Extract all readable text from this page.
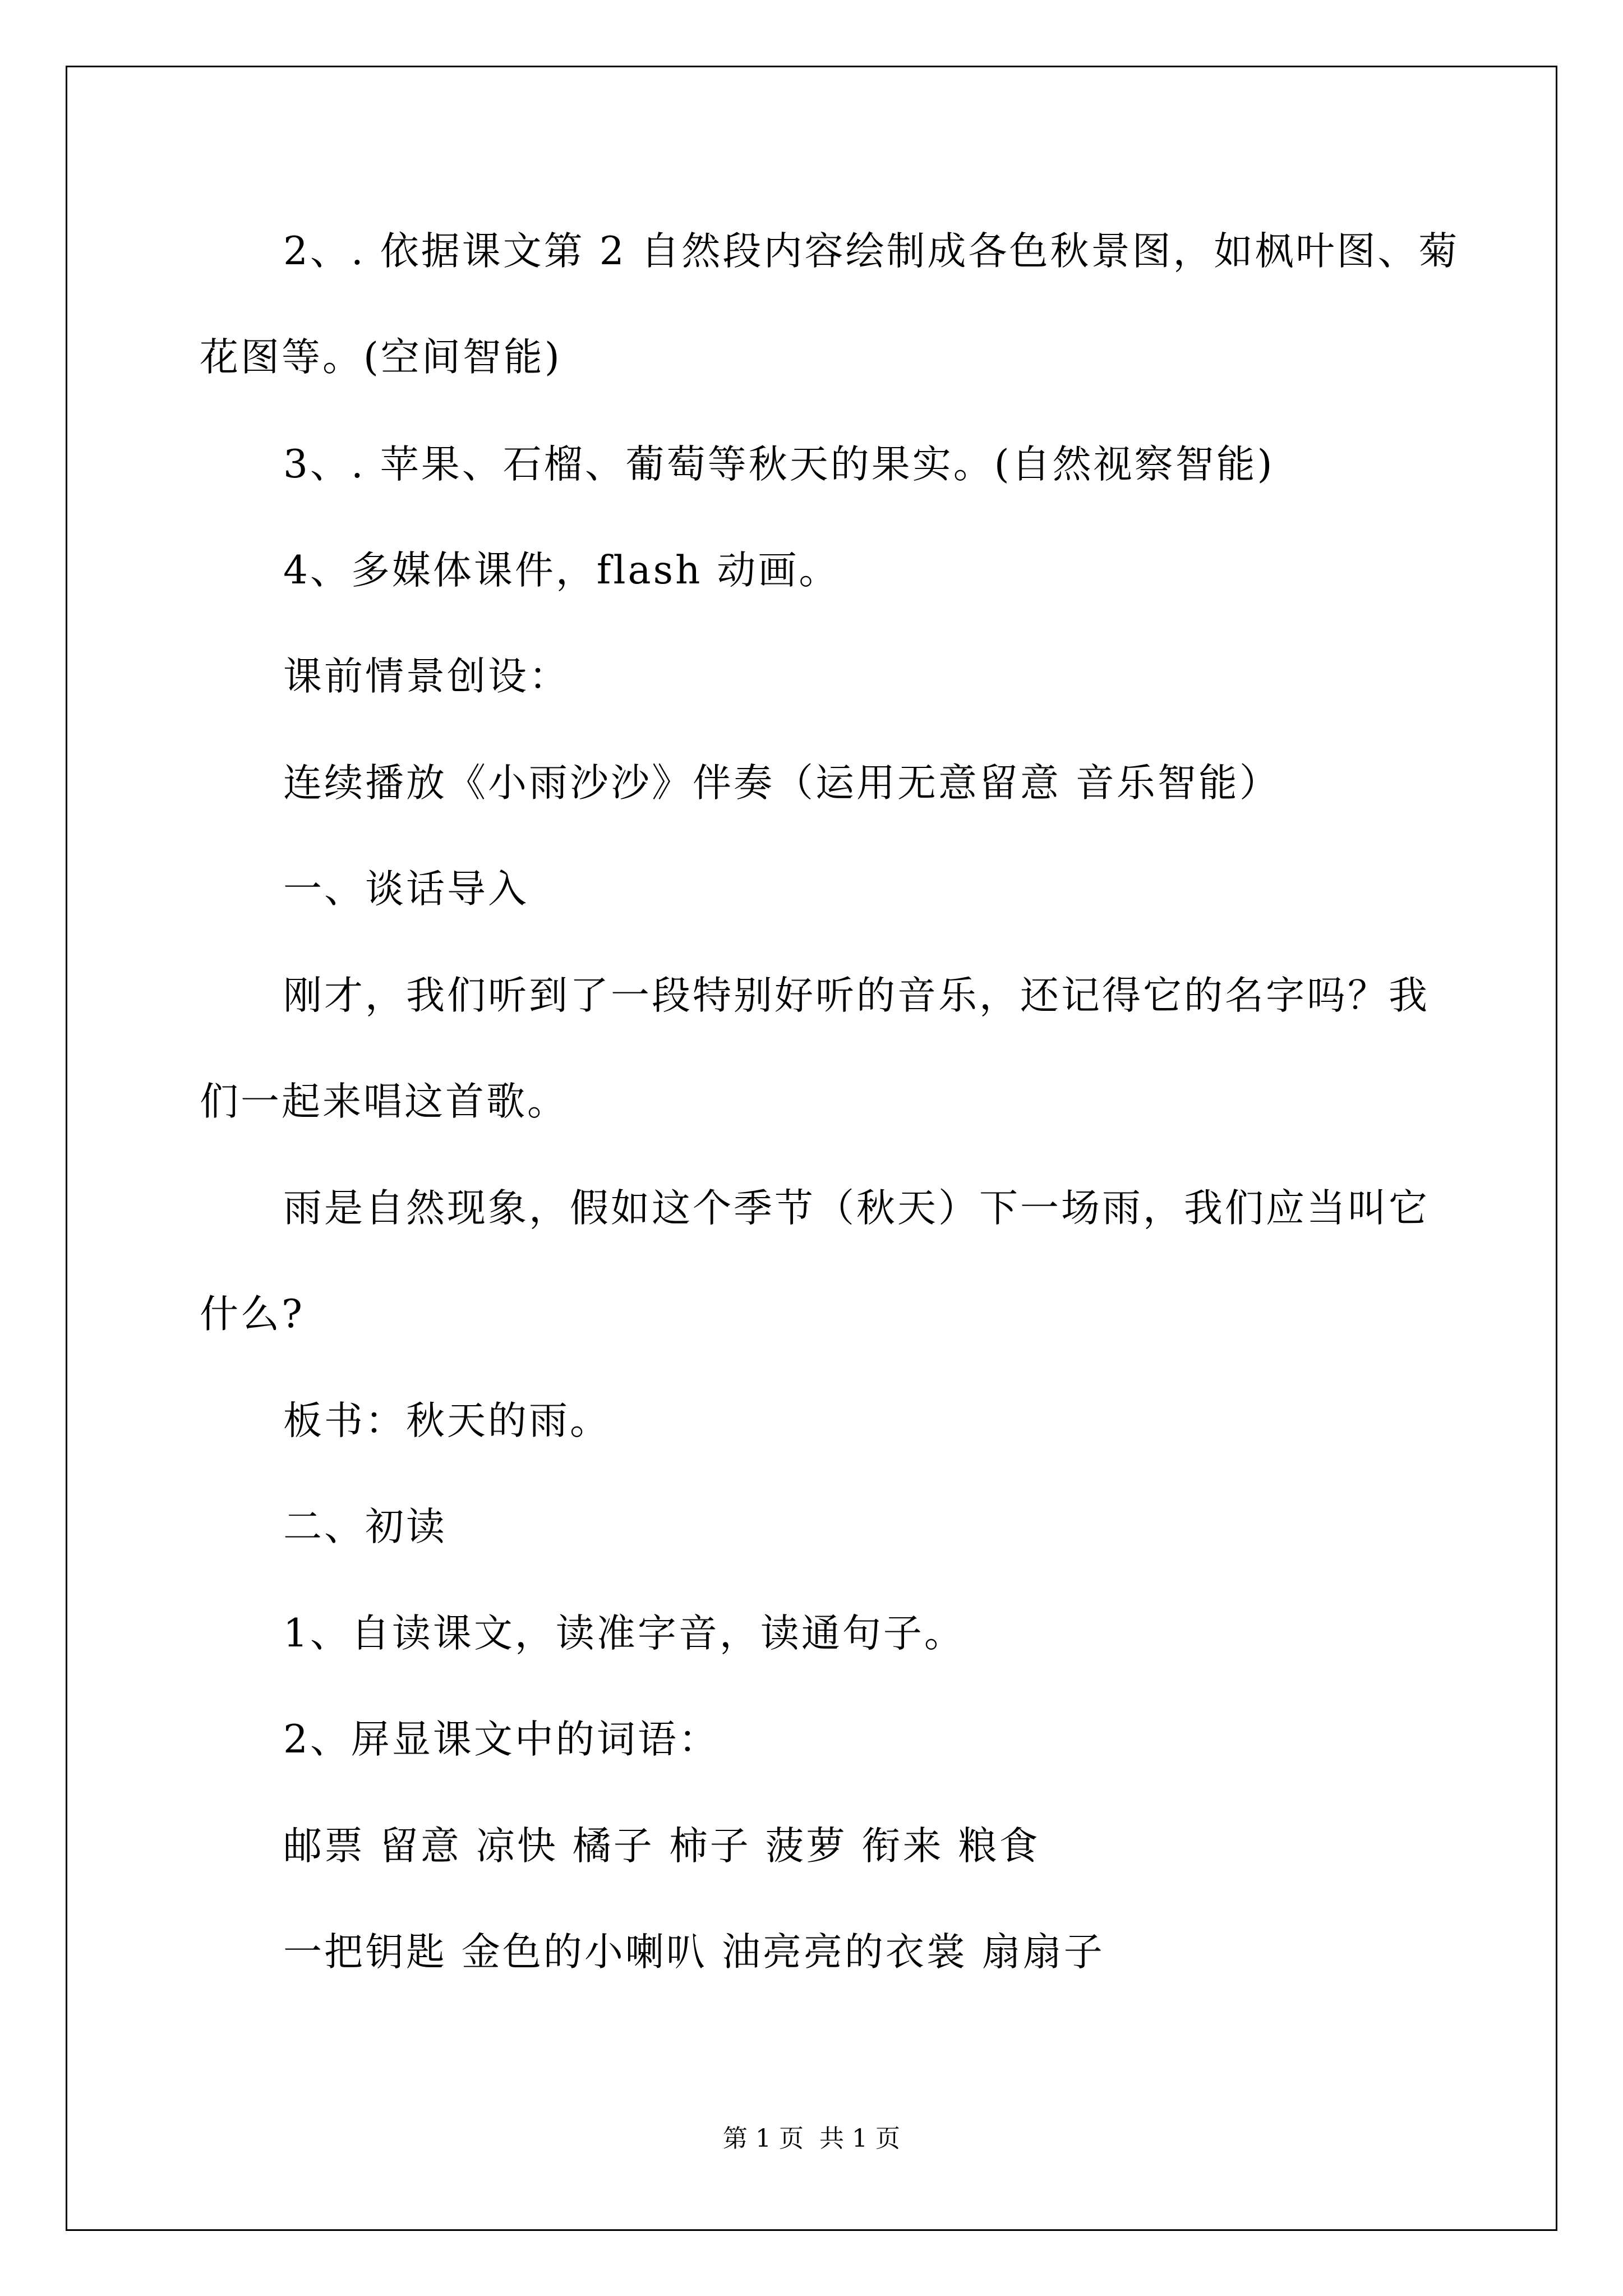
2、. 依据课文第 2 自然段内容绘制成各色秋景图，如枫叶图、菊
花图等。(空间智能)
3、. 苹果、石榴、葡萄等秋天的果实。(自然视察智能)
4、多媒体课件，flash 动画。
课前情景创设：
连续播放《小雨沙沙》伴奏（运用无意留意 音乐智能）
一、谈话导入
刚才，我们听到了一段特别好听的音乐，还记得它的名字吗？我
们一起来唱这首歌。
雨是自然现象，假如这个季节（秋天）下一场雨，我们应当叫它
什么?
板书：秋天的雨。
二、初读
1、自读课文，读准字音，读通句子。
2、屏显课文中的词语：
邮票 留意 凉快 橘子 柿子 菠萝 衔来 粮食
一把钥匙 金色的小喇叭 油亮亮的衣裳 扇扇子
第 1 页 共 1 页
